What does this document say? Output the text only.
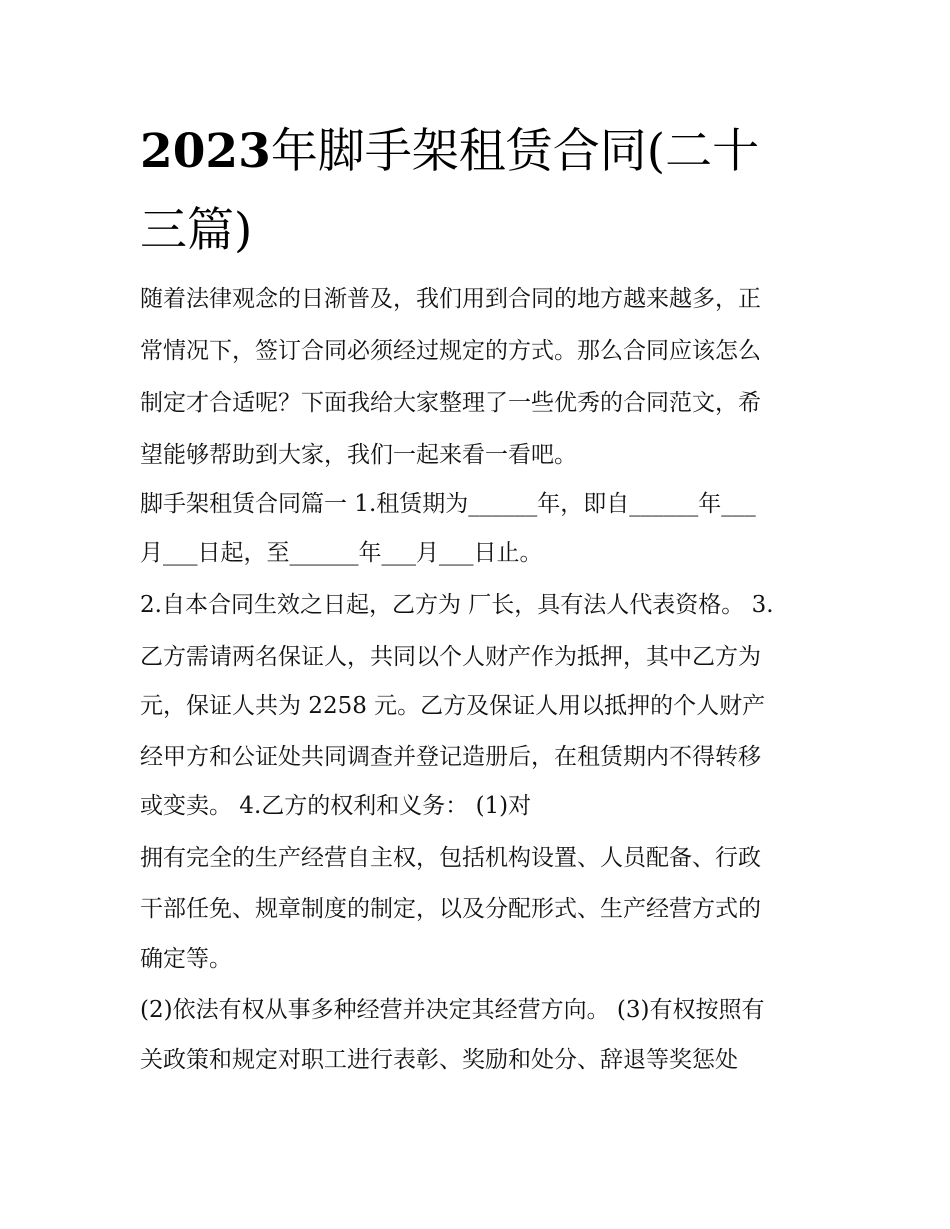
2023年脚手架租赁合同(二十
三篇)

随着法律观念的日渐普及，我们用到合同的地方越来越多，正

常情况下，签订合同必须经过规定的方式。那么合同应该怎么

制定才合适呢？下面我给大家整理了一些优秀的合同范文，希

望能够帮助到大家，我们一起来看一看吧。

脚手架租赁合同篇一 1.租赁期为______年，即自______年___

月___日起，至______年___月___日止。

2.自本合同生效之日起，乙方为 厂长，具有法人代表资格。 3.

乙方需请两名保证人，共同以个人财产作为抵押，其中乙方为

元，保证人共为 2258 元。乙方及保证人用以抵押的个人财产

经甲方和公证处共同调查并登记造册后，在租赁期内不得转移

或变卖。 4.乙方的权利和义务： (1)对

拥有完全的生产经营自主权，包括机构设置、人员配备、行政

干部任免、规章制度的制定，以及分配形式、生产经营方式的

确定等。

(2)依法有权从事多种经营并决定其经营方向。 (3)有权按照有

关政策和规定对职工进行表彰、奖励和处分、辞退等奖惩处
